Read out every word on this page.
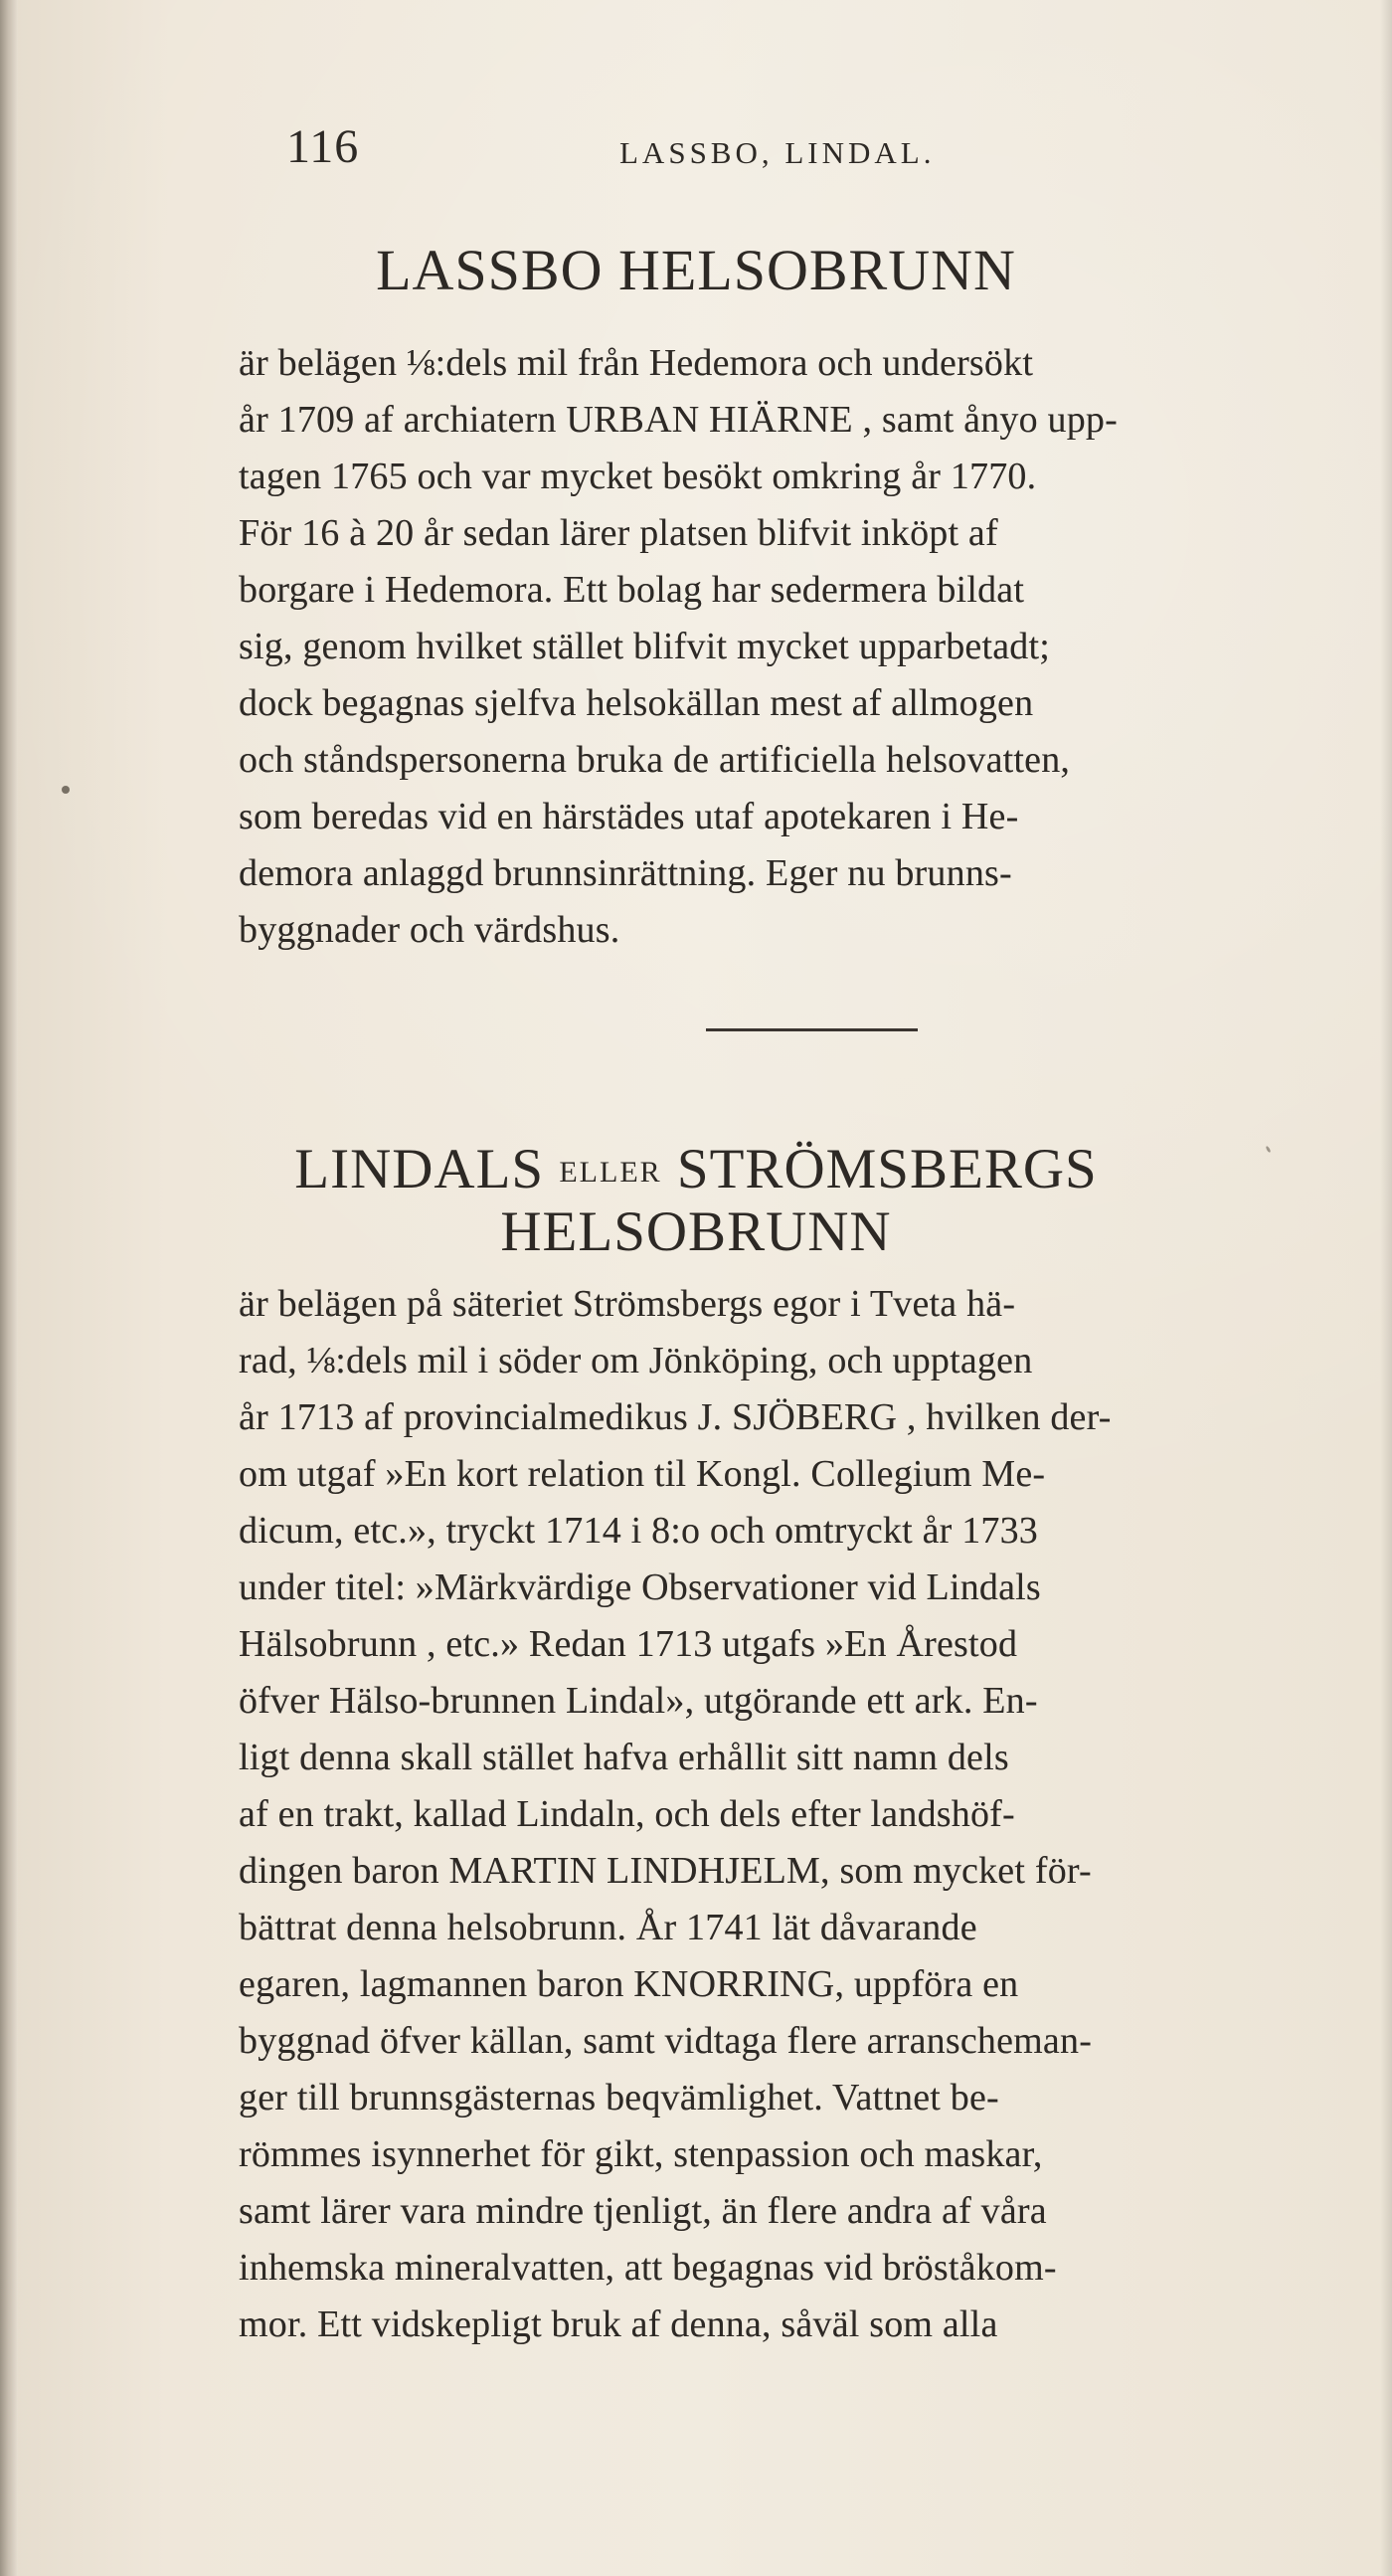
116	LASSBO, LINDAL.
LASSBO HELSOBRUNN
är belägen ⅛:dels mil från Hedemora och undersökt
år 1709 af archiatern URBAN HIÄRNE , samt ånyo upp-
tagen 1765 och var mycket besökt omkring år 1770.
För 16 à 20 år sedan lärer platsen blifvit inköpt af
borgare i Hedemora. Ett bolag har sedermera bildat
sig, genom hvilket stället blifvit mycket upparbetadt;
dock begagnas sjelfva helsokällan mest af allmogen
och ståndspersonerna bruka de artificiella helsovatten,
som beredas vid en härstädes utaf apotekaren i He-
demora anlaggd brunnsinrättning. Eger nu brunns-
byggnader och värdshus.
LINDALS ELLER STRÖMSBERGS
HELSOBRUNN
är belägen på säteriet Strömsbergs egor i Tveta hä-
rad, ⅛:dels mil i söder om Jönköping, och upptagen
år 1713 af provincialmedikus J. SJÖBERG , hvilken der-
om utgaf »En kort relation til Kongl. Collegium Me-
dicum, etc.», tryckt 1714 i 8:o och omtryckt år 1733
under titel: »Märkvärdige Observationer vid Lindals
Hälsobrunn , etc.» Redan 1713 utgafs »En Årestod
öfver Hälso-brunnen Lindal», utgörande ett ark. En-
ligt denna skall stället hafva erhållit sitt namn dels
af en trakt, kallad Lindaln, och dels efter landshöf-
dingen baron MARTIN LINDHJELM, som mycket för-
bättrat denna helsobrunn. År 1741 lät dåvarande
egaren, lagmannen baron KNORRING, uppföra en
byggnad öfver källan, samt vidtaga flere arranscheman-
ger till brunnsgästernas beqvämlighet. Vattnet be-
römmes isynnerhet för gikt, stenpassion och maskar,
samt lärer vara mindre tjenligt, än flere andra af våra
inhemska mineralvatten, att begagnas vid bröståkom-
mor. Ett vidskepligt bruk af denna, såväl som alla
